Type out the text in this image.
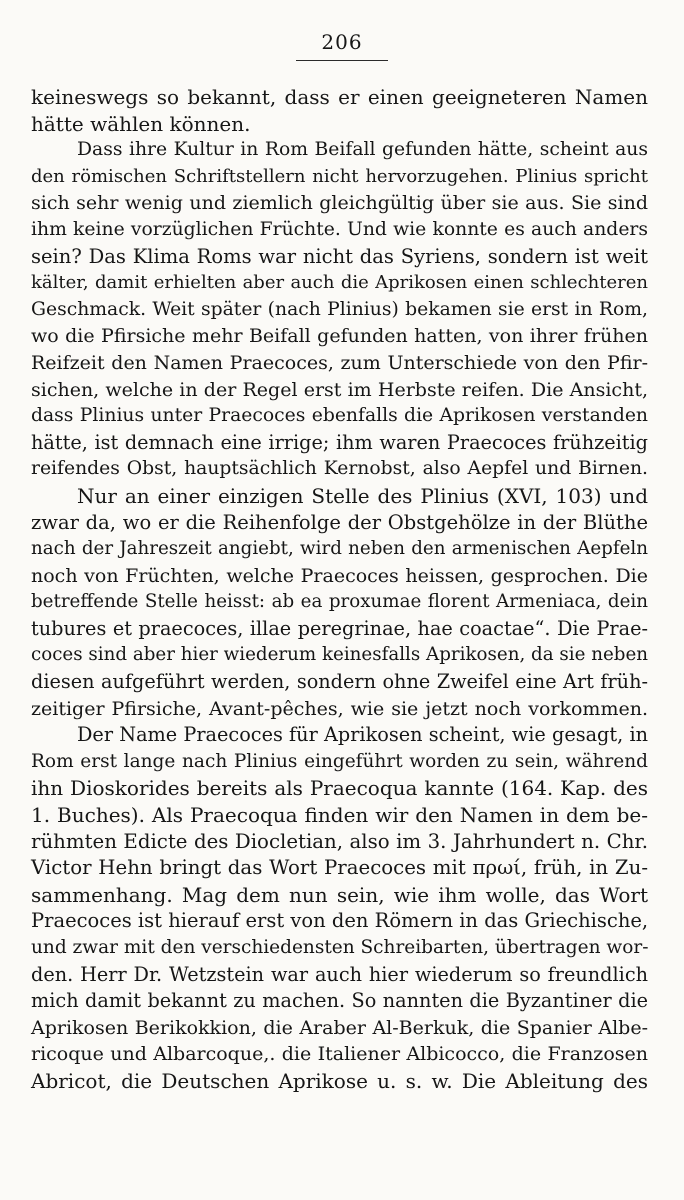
206
keineswegs so bekannt, dass er einen geeigneteren Namen
hätte wählen können.
Dass ihre Kultur in Rom Beifall gefunden hätte, scheint aus
den römischen Schriftstellern nicht hervorzugehen. Plinius spricht
sich sehr wenig und ziemlich gleichgültig über sie aus. Sie sind
ihm keine vorzüglichen Früchte. Und wie konnte es auch anders
sein? Das Klima Roms war nicht das Syriens, sondern ist weit
kälter, damit erhielten aber auch die Aprikosen einen schlechteren
Geschmack. Weit später (nach Plinius) bekamen sie erst in Rom,
wo die Pfirsiche mehr Beifall gefunden hatten, von ihrer frühen
Reifzeit den Namen Praecoces, zum Unterschiede von den Pfir-
sichen, welche in der Regel erst im Herbste reifen. Die Ansicht,
dass Plinius unter Praecoces ebenfalls die Aprikosen verstanden
hätte, ist demnach eine irrige; ihm waren Praecoces frühzeitig
reifendes Obst, hauptsächlich Kernobst, also Aepfel und Birnen.
Nur an einer einzigen Stelle des Plinius (XVI, 103) und
zwar da, wo er die Reihenfolge der Obstgehölze in der Blüthe
nach der Jahreszeit angiebt, wird neben den armenischen Aepfeln
noch von Früchten, welche Praecoces heissen, gesprochen. Die
betreffende Stelle heisst: ab ea proxumae florent Armeniaca, dein
tubures et praecoces, illae peregrinae, hae coactae“. Die Prae-
coces sind aber hier wiederum keinesfalls Aprikosen, da sie neben
diesen aufgeführt werden, sondern ohne Zweifel eine Art früh-
zeitiger Pfirsiche, Avant-pêches, wie sie jetzt noch vorkommen.
Der Name Praecoces für Aprikosen scheint, wie gesagt, in
Rom erst lange nach Plinius eingeführt worden zu sein, während
ihn Dioskorides bereits als Praecoqua kannte (164. Kap. des
1. Buches). Als Praecoqua finden wir den Namen in dem be-
rühmten Edicte des Diocletian, also im 3. Jahrhundert n. Chr.
Victor Hehn bringt das Wort Praecoces mit πρωί, früh, in Zu-
sammenhang. Mag dem nun sein, wie ihm wolle, das Wort
Praecoces ist hierauf erst von den Römern in das Griechische,
und zwar mit den verschiedensten Schreibarten, übertragen wor-
den. Herr Dr. Wetzstein war auch hier wiederum so freundlich
mich damit bekannt zu machen. So nannten die Byzantiner die
Aprikosen Berikokkion, die Araber Al-Berkuk, die Spanier Albe-
ricoque und Albarcoque,. die Italiener Albicocco, die Franzosen
Abricot, die Deutschen Aprikose u. s. w. Die Ableitung des
